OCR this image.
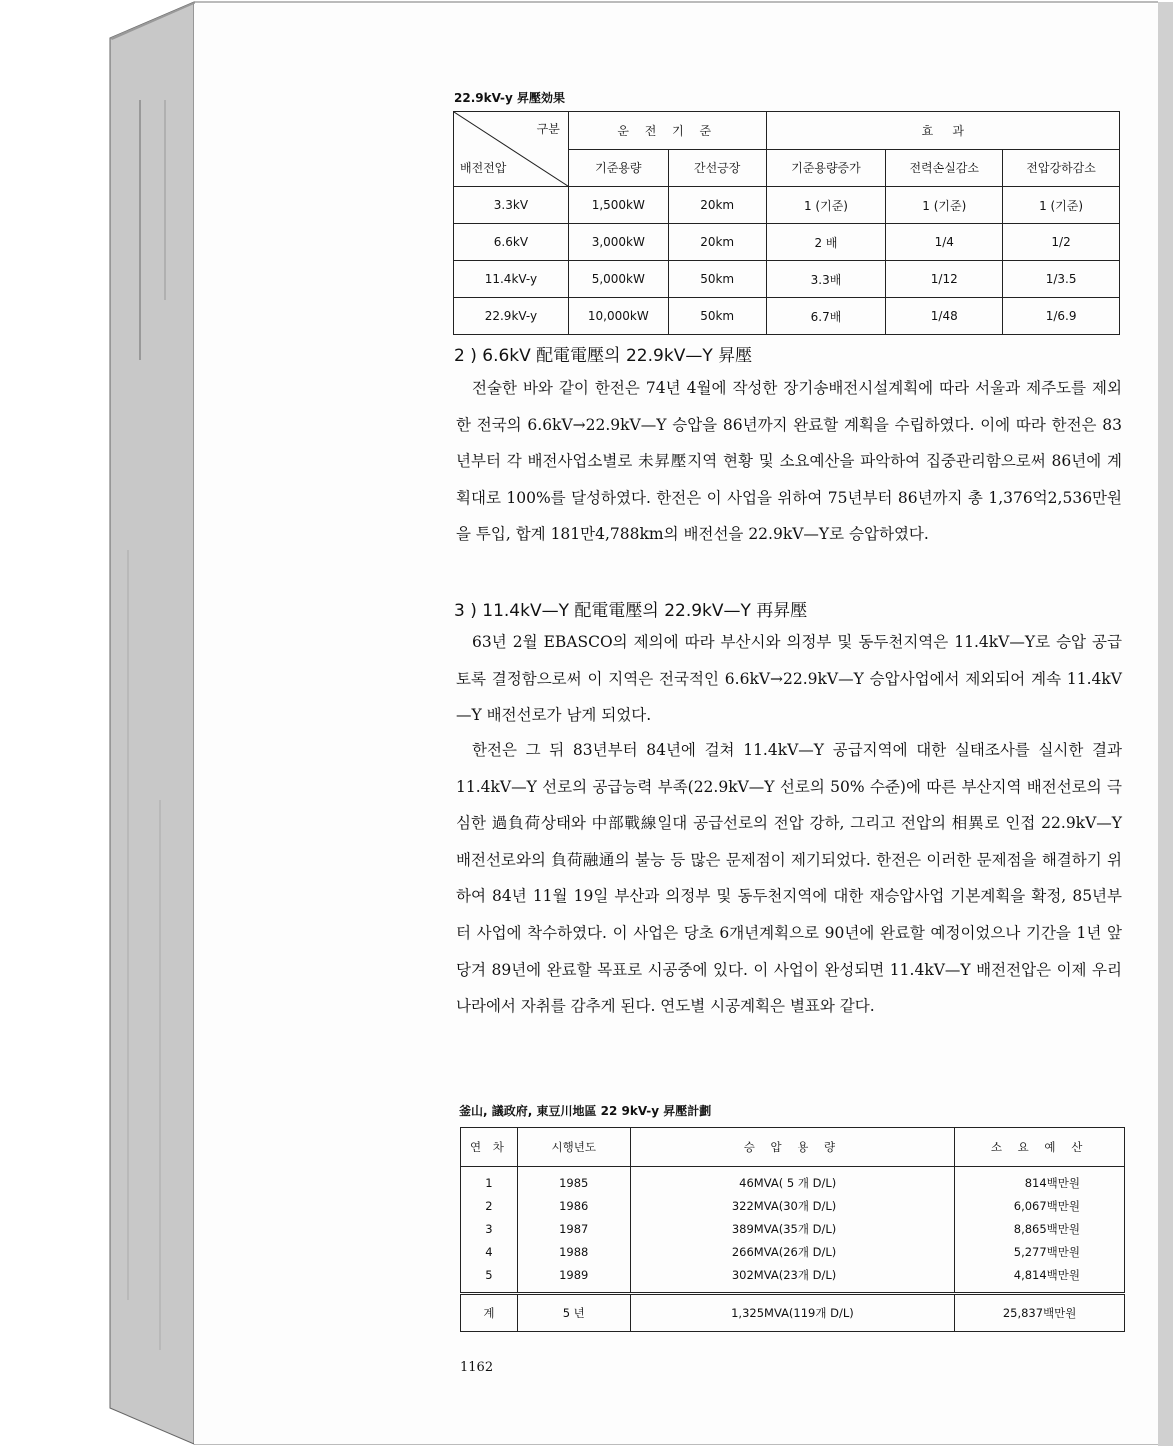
22.9kV-y 昇壓効果
구분
배전전압	운 전 기 준		효     과		
	기준용량	간선긍장	기준용량증가	전력손실감소	전압강하감소
3.3kV	1,500kW	20km	1 (기준)	1 (기준)	1 (기준)
6.6kV	3,000kW	20km	2 배	1/4	1/2
11.4kV-y	5,000kW	50km	3.3배	1/12	1/3.5
22.9kV-y	10,000kW	50km	6.7배	1/48	1/6.9
2 ) 6.6kV 配電電壓의 22.9kV—Y 昇壓
전술한 바와 같이 한전은 74년 4월에 작성한 장기송배전시설계획에 따라 서울과 제주도를 제외한 전국의 6.6kV→22.9kV—Y 승압을 86년까지 완료할 계획을 수립하였다. 이에 따라 한전은 83년부터 각 배전사업소별로 未昇壓지역 현황 및 소요예산을 파악하여 집중관리함으로써 86년에 계획대로 100%를 달성하였다. 한전은 이 사업을 위하여 75년부터 86년까지 총 1,376억2,536만원을 투입, 합계 181만4,788km의 배전선을 22.9kV—Y로 승압하였다.
3 ) 11.4kV—Y 配電電壓의 22.9kV—Y 再昇壓
63년 2월 EBASCO의 제의에 따라 부산시와 의정부 및 동두천지역은 11.4kV—Y로 승압 공급토록 결정함으로써 이 지역은 전국적인 6.6kV→22.9kV—Y 승압사업에서 제외되어 계속 11.4kV—Y 배전선로가 남게 되었다.
한전은 그 뒤 83년부터 84년에 걸쳐 11.4kV—Y 공급지역에 대한 실태조사를 실시한 결과 11.4kV—Y 선로의 공급능력 부족(22.9kV—Y 선로의 50% 수준)에 따른 부산지역 배전선로의 극심한 過負荷상태와 中部戰線일대 공급선로의 전압 강하, 그리고 전압의 相異로 인접 22.9kV—Y 배전선로와의 負荷融通의 불능 등 많은 문제점이 제기되었다. 한전은 이러한 문제점을 해결하기 위하여 84년 11월 19일 부산과 의정부 및 동두천지역에 대한 재승압사업 기본계획을 확정, 85년부터 사업에 착수하였다. 이 사업은 당초 6개년계획으로 90년에 완료할 예정이었으나 기간을 1년 앞당겨 89년에 완료할 목표로 시공중에 있다. 이 사업이 완성되면 11.4kV—Y 배전전압은 이제 우리나라에서 자취를 감추게 된다. 연도별 시공계획은 별표와 같다.
釜山, 議政府, 東豆川地區 22 9kV-y 昇壓計劃
연 차	시행년도	승 압 용 량	소 요 예 산
1	1985	46MVA( 5 개 D/L)	814백만원
2	1986	322MVA(30개 D/L)	6,067백만원
3	1987	389MVA(35개 D/L)	8,865백만원
4	1988	266MVA(26개 D/L)	5,277백만원
5	1989	302MVA(23개 D/L)	4,814백만원
계	5 년	1,325MVA(119개 D/L)	25,837백만원
1162
